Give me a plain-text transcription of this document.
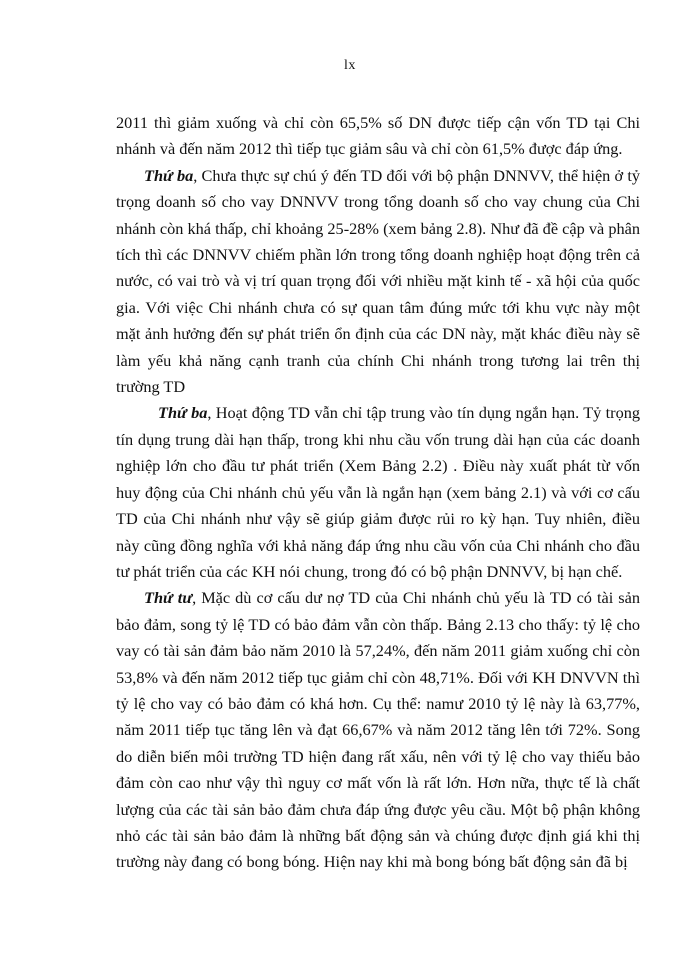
lx

2011 thì giảm xuống và chỉ còn 65,5% số DN được tiếp cận vốn TD tại Chi nhánh và đến năm 2012 thì tiếp tục giảm sâu và chỉ còn 61,5% được đáp ứng.

Thứ ba, Chưa thực sự chú ý đến TD đối với bộ phận DNNVV, thể hiện ở tỷ trọng doanh số cho vay DNNVV trong tổng doanh số cho vay chung của Chi nhánh còn khá thấp, chỉ khoảng 25-28% (xem bảng 2.8). Như đã đề cập và phân tích thì các DNNVV chiếm phần lớn trong tổng doanh nghiệp hoạt động trên cả nước, có vai trò và vị trí quan trọng đối với nhiều mặt kinh tế - xã hội của quốc gia. Với việc Chi nhánh chưa có sự quan tâm đúng mức tới khu vực này một mặt ảnh hưởng đến sự phát triển ổn định của các DN này, mặt khác điều này sẽ làm yếu khả năng cạnh tranh của chính Chi nhánh trong tương lai trên thị trường TD

Thứ ba, Hoạt động TD vẫn chỉ tập trung vào tín dụng ngắn hạn. Tỷ trọng tín dụng trung dài hạn thấp, trong khi nhu cầu vốn trung dài hạn của các doanh nghiệp lớn cho đầu tư phát triển (Xem Bảng 2.2) . Điều này xuất phát từ vốn huy động của Chi nhánh chủ yếu vẫn là ngắn hạn (xem bảng 2.1) và với cơ cấu TD của Chi nhánh như vậy sẽ giúp giảm được rủi ro kỳ hạn. Tuy nhiên, điều này cũng đồng nghĩa với khả năng đáp ứng nhu cầu vốn của Chi nhánh cho đầu tư phát triển của các KH nói chung, trong đó có bộ phận DNNVV, bị hạn chế.

Thứ tư, Mặc dù cơ cấu dư nợ TD của Chi nhánh chủ yếu là TD có tài sản bảo đảm, song tỷ lệ TD có bảo đảm vẫn còn thấp. Bảng 2.13 cho thấy: tỷ lệ cho vay có tài sản đảm bảo năm 2010 là 57,24%, đến năm 2011 giảm xuống chỉ còn 53,8% và đến năm 2012 tiếp tục giảm chỉ còn 48,71%. Đối với KH DNVVN thì tỷ lệ cho vay có bảo đảm có khá hơn. Cụ thể: namư 2010 tỷ lệ này là 63,77%, năm 2011 tiếp tục tăng lên và đạt 66,67% và năm 2012 tăng lên tới 72%. Song do diễn biến môi trường TD hiện đang rất xấu, nên với tỷ lệ cho vay thiếu bảo đảm còn cao như vậy thì nguy cơ mất vốn là rất lớn. Hơn nữa, thực tế là chất lượng của các tài sản bảo đảm chưa đáp ứng được yêu cầu. Một bộ phận không nhỏ các tài sản bảo đảm là những bất động sản và chúng được định giá khi thị trường này đang có bong bóng. Hiện nay khi mà bong bóng bất động sản đã bị
